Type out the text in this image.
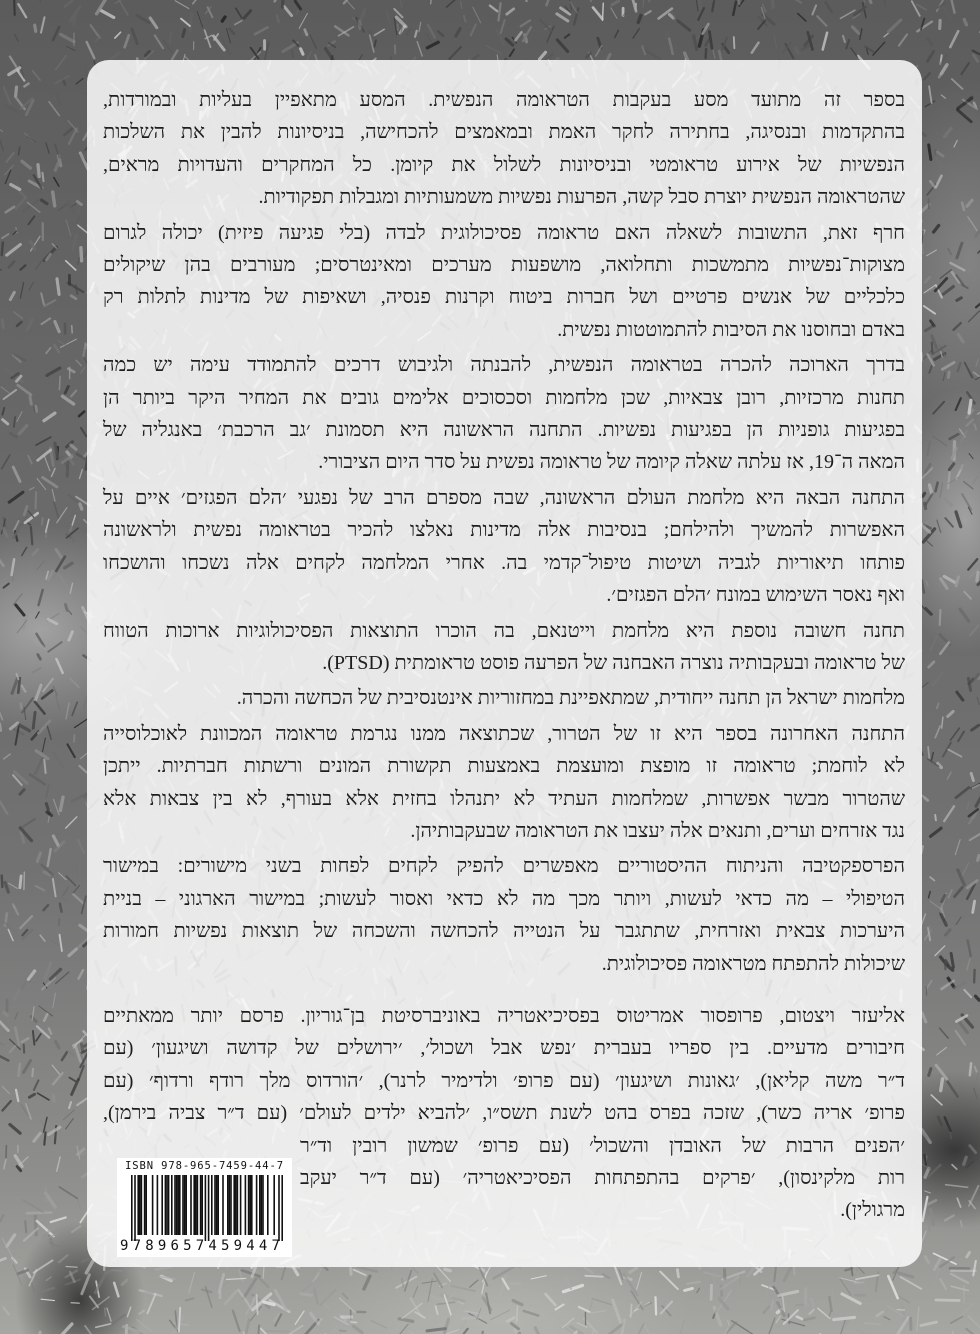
בספר זה מתועד מסע בעקבות הטראומה הנפשית. המסע מתאפיין בעליות ובמורדות,
בהתקדמות ובנסיגה, בחתירה לחקר האמת ובמאמצים להכחישה, בניסיונות להבין את השלכות
הנפשיות של אירוע טראומטי ובניסיונות לשלול את קיומן. כל המחקרים והעדויות מראים,
שהטראומה הנפשית יוצרת סבל קשה, הפרעות נפשיות משמעותיות ומגבלות תפקודיות.
חרף זאת, התשובות לשאלה האם טראומה פסיכולוגית לבדה (בלי פגיעה פיזית) יכולה לגרום
מצוקות־נפשיות מתמשכות ותחלואה, מושפעות מערכים ומאינטרסים; מעורבים בהן שיקולים
כלכליים של אנשים פרטיים ושל חברות ביטוח וקרנות פנסיה, ושאיפות של מדינות לתלות רק
באדם ובחוסנו את הסיבות להתמוטטות נפשית.
בדרך הארוכה להכרה בטראומה הנפשית, להבנתה ולגיבוש דרכים להתמודד עימה יש כמה
תחנות מרכזיות, רובן צבאיות, שכן מלחמות וסכסוכים אלימים גובים את המחיר היקר ביותר הן
בפגיעות גופניות הן בפגיעות נפשיות. התחנה הראשונה היא תסמונת ׳גב הרכבת׳ באנגליה של
המאה ה־19, אז עלתה שאלה קיומה של טראומה נפשית על סדר היום הציבורי.
התחנה הבאה היא מלחמת העולם הראשונה, שבה מספרם הרב של נפגעי ׳הלם הפגזים׳ איים על
האפשרות להמשיך ולהילחם; בנסיבות אלה מדינות נאלצו להכיר בטראומה נפשית ולראשונה
פותחו תיאוריות לגביה ושיטות טיפול־קדמי בה. אחרי המלחמה לקחים אלה נשכחו והושכחו
ואף נאסר השימוש במונח ׳הלם הפגזים׳.
תחנה חשובה נוספת היא מלחמת וייטנאם, בה הוכרו התוצאות הפסיכולוגיות ארוכות הטווח
של טראומה ובעקבותיה נוצרה האבחנה של הפרעה פוסט טראומתית (PTSD).
מלחמות ישראל הן תחנה ייחודית, שמתאפיינת במחזוריות אינטנסיבית של הכחשה והכרה.
התחנה האחרונה בספר היא זו של הטרור, שכתוצאה ממנו נגרמת טראומה המכוונת לאוכלוסייה
לא לוחמת; טראומה זו מופצת ומועצמת באמצעות תקשורת המונים ורשתות חברתיות. ייתכן
שהטרור מבשר אפשרות, שמלחמות העתיד לא יתנהלו בחזית אלא בעורף, לא בין צבאות אלא
נגד אזרחים וערים, ותנאים אלה יעצבו את הטראומה שבעקבותיהן.
הפרספקטיבה והניתוח ההיסטוריים מאפשרים להפיק לקחים לפחות בשני מישורים: במישור
הטיפולי – מה כדאי לעשות, ויותר מכך מה לא כדאי ואסור לעשות; במישור הארגוני – בניית
היערכות צבאית ואזרחית, שתתגבר על הנטייה להכחשה והשכחה של תוצאות נפשיות חמורות
שיכולות להתפתח מטראומה פסיכולוגית.
אליעזר ויצטום, פרופסור אמריטוס בפסיכיאטריה באוניברסיטת בן־גוריון. פרסם יותר ממאתיים
חיבורים מדעיים. בין ספריו בעברית ׳נפש אבל ושכול׳, ׳ירושלים של קדושה ושיגעון׳ (עם
ד״ר משה קליאן), ׳גאונות ושיגעון׳ (עם פרופ׳ ולדימיר לרנר), ׳הורדוס מלך רודף ורדוף׳ (עם
פרופ׳ אריה כשר), שזכה בפרס בהט לשנת תשס״ו, ׳להביא ילדים לעולם׳ (עם ד״ר צביה בירמן),
׳הפנים הרבות של האובדן והשכול׳ (עם פרופ׳ שמשון רובין וד״ר
רות מלקינסון), ׳פרקים בהתפתחות הפסיכיאטריה׳ (עם ד״ר יעקב
מרגולין).
ISBN 978-965-7459-44-7
9789657459447
